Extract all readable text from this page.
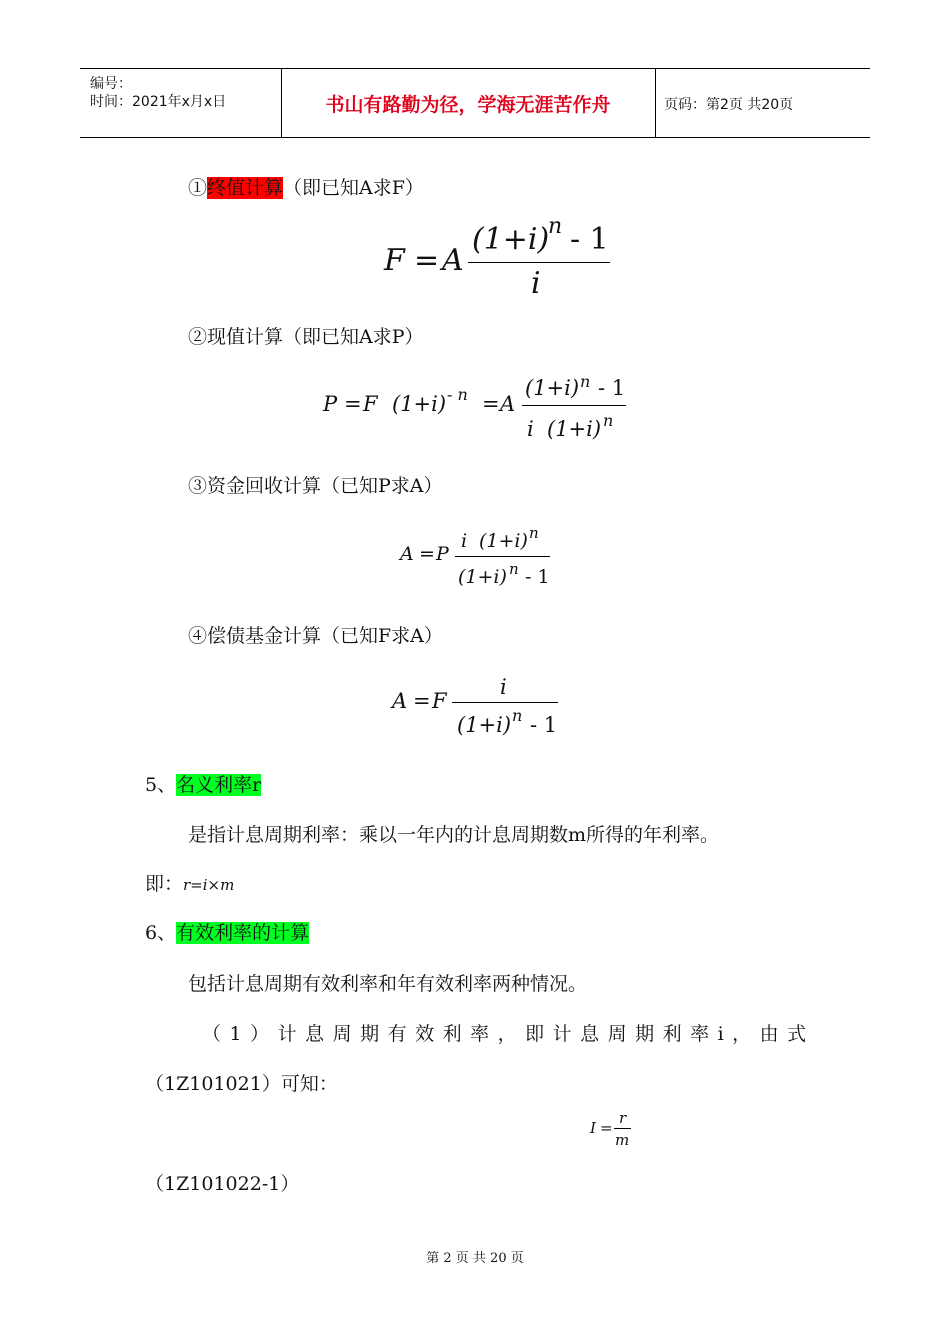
编号：
时间：2021年x月x日	书山有路勤为径，学海无涯苦作舟	页码：第2页 共20页
①终值计算（即已知A求F）
F = A
(1+i)
n - 1
i
②现值计算（即已知A求P）
P = F (1+i) - n = A
(1+i) n - 1
i (1+i) n
③资金回收计算（已知P求A）
A = P
i (1+i) n
(1+i) n - 1
④偿债基金计算（已知F求A）
A = F
i
(1+i) n - 1
5、名义利率r
是指计息周期利率：乘以一年内的计息周期数m所得的年利率。
即：r=i×m
6、有效利率的计算
包括计息周期有效利率和年有效利率两种情况。
（1）计息周期有效利率，即计息周期利率i，由式
（1Z101021）可知：
I =
r
m
（1Z101022-1）
第 2 页 共 20 页
